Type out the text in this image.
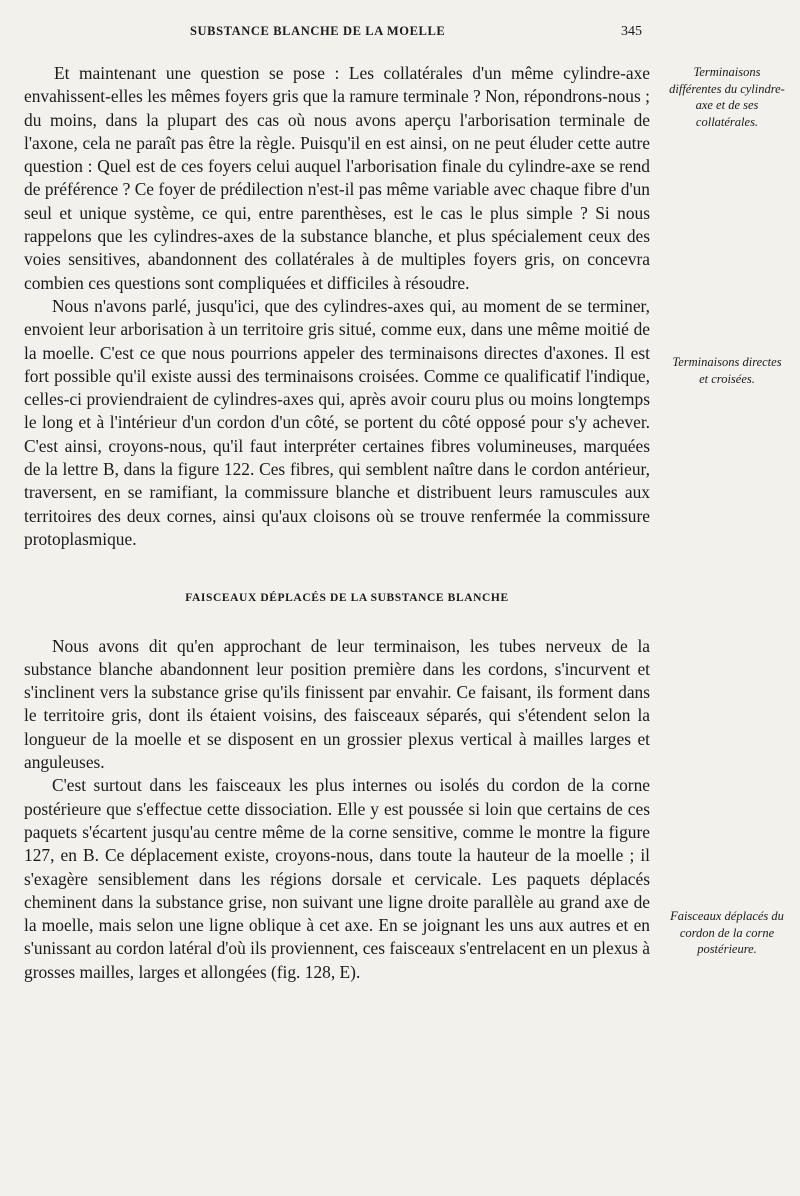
SUBSTANCE BLANCHE DE LA MOELLE	345

Et maintenant une question se pose : Les collatérales d'un même cylindre-axe envahissent-elles les mêmes foyers gris que la ramure terminale ? Non, répondrons-nous ; du moins, dans la plupart des cas où nous avons aperçu l'arborisation terminale de l'axone, cela ne paraît pas être la règle. Puisqu'il en est ainsi, on ne peut éluder cette autre question : Quel est de ces foyers celui auquel l'arborisation finale du cylindre-axe se rend de préférence ? Ce foyer de prédilection n'est-il pas même variable avec chaque fibre d'un seul et unique système, ce qui, entre parenthèses, est le cas le plus simple ? Si nous rappelons que les cylindres-axes de la substance blanche, et plus spécialement ceux des voies sensitives, abandonnent des collatérales à de multiples foyers gris, on concevra combien ces questions sont compliquées et difficiles à résoudre.

Nous n'avons parlé, jusqu'ici, que des cylindres-axes qui, au moment de se terminer, envoient leur arborisation à un territoire gris situé, comme eux, dans une même moitié de la moelle. C'est ce que nous pourrions appeler des terminaisons directes d'axones. Il est fort possible qu'il existe aussi des terminaisons croisées. Comme ce qualificatif l'indique, celles-ci proviendraient de cylindres-axes qui, après avoir couru plus ou moins longtemps le long et à l'intérieur d'un cordon d'un côté, se portent du côté opposé pour s'y achever. C'est ainsi, croyons-nous, qu'il faut interpréter certaines fibres volumineuses, marquées de la lettre B, dans la figure 122. Ces fibres, qui semblent naître dans le cordon antérieur, traversent, en se ramifiant, la commissure blanche et distribuent leurs ramuscules aux territoires des deux cornes, ainsi qu'aux cloisons où se trouve renfermée la commissure protoplasmique.

FAISCEAUX DÉPLACÉS DE LA SUBSTANCE BLANCHE

Nous avons dit qu'en approchant de leur terminaison, les tubes nerveux de la substance blanche abandonnent leur position première dans les cordons, s'incurvent et s'inclinent vers la substance grise qu'ils finissent par envahir. Ce faisant, ils forment dans le territoire gris, dont ils étaient voisins, des faisceaux séparés, qui s'étendent selon la longueur de la moelle et se disposent en un grossier plexus vertical à mailles larges et anguleuses.

C'est surtout dans les faisceaux les plus internes ou isolés du cordon de la corne postérieure que s'effectue cette dissociation. Elle y est poussée si loin que certains de ces paquets s'écartent jusqu'au centre même de la corne sensitive, comme le montre la figure 127, en B. Ce déplacement existe, croyons-nous, dans toute la hauteur de la moelle ; il s'exagère sensiblement dans les régions dorsale et cervicale. Les paquets déplacés cheminent dans la substance grise, non suivant une ligne droite parallèle au grand axe de la moelle, mais selon une ligne oblique à cet axe. En se joignant les uns aux autres et en s'unissant au cordon latéral d'où ils proviennent, ces faisceaux s'entrelacent en un plexus à grosses mailles, larges et allongées (fig. 128, E).

Terminaisons différentes du cylindre-axe et de ses collatérales.
Terminaisons directes et croisées.
Faisceaux déplacés du cordon de la corne postérieure.
